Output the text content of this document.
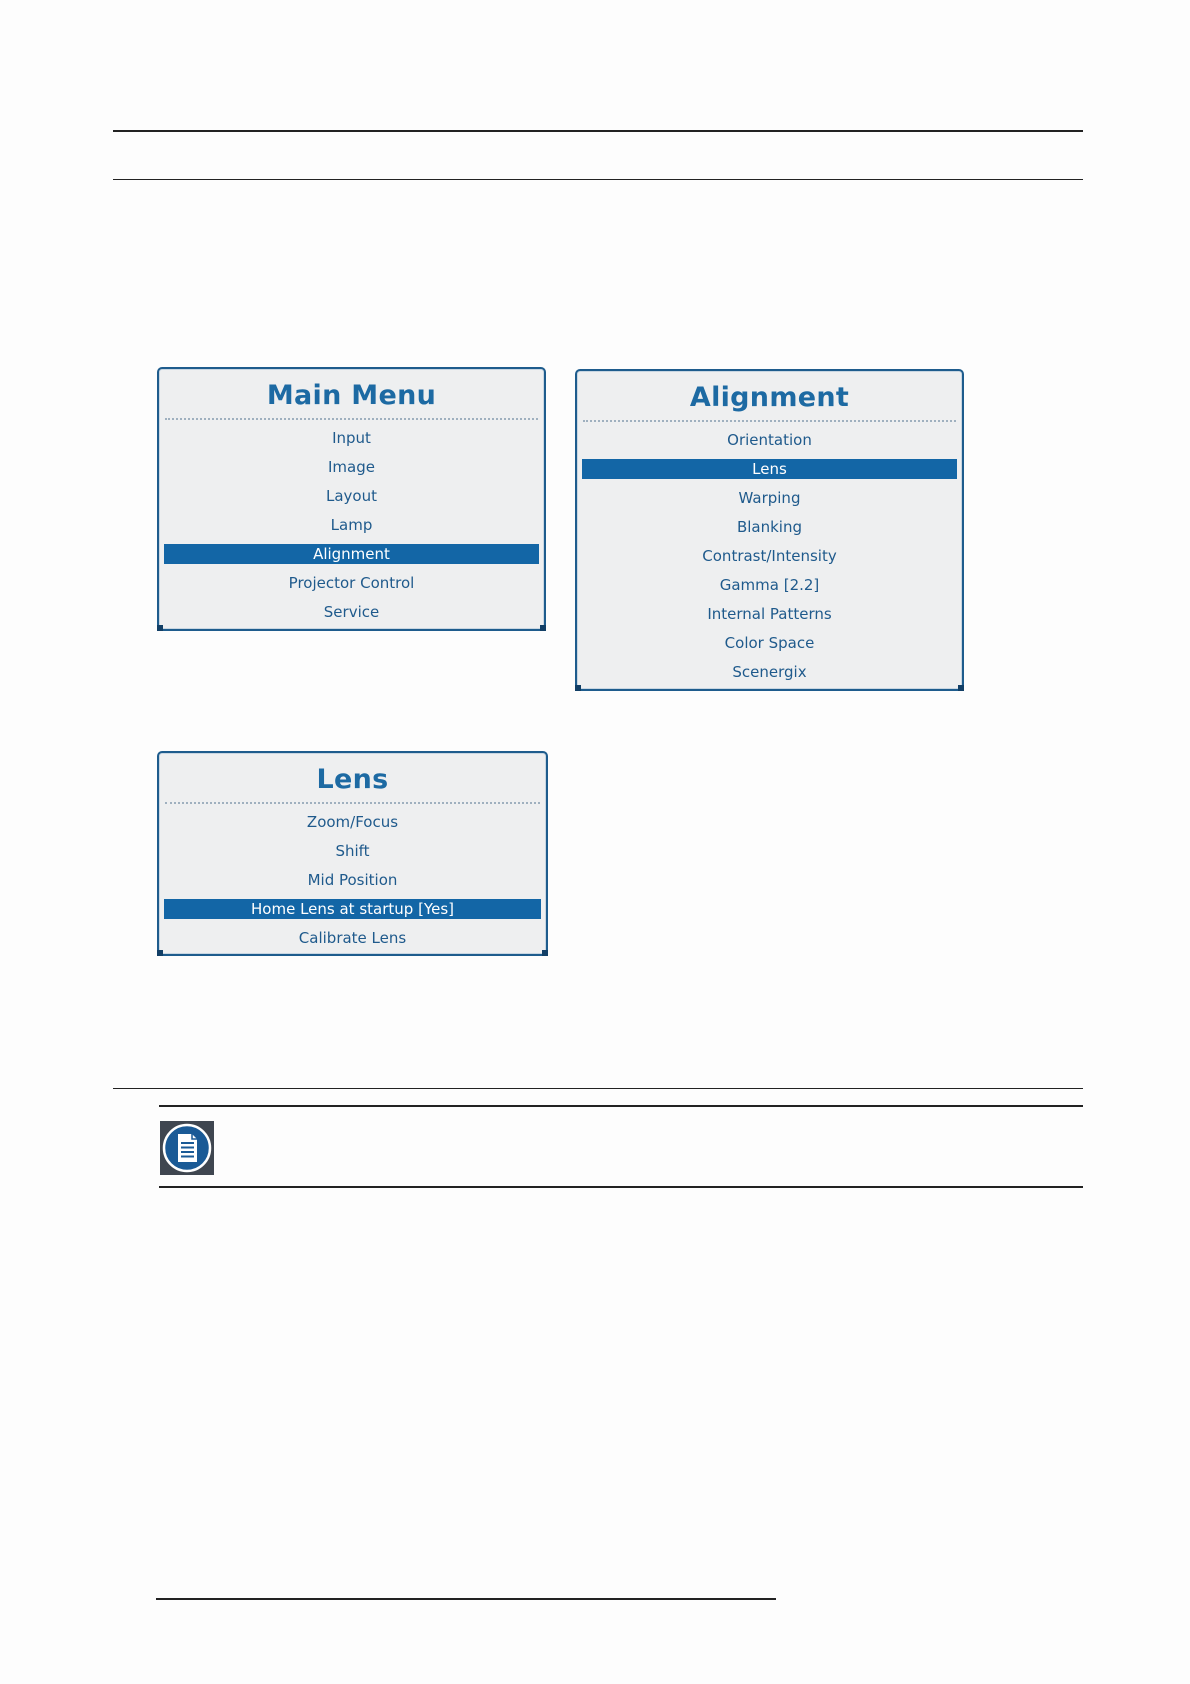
Main Menu
Input
Image
Layout
Lamp
Alignment
Projector Control
Service
Alignment
Orientation
Lens
Warping
Blanking
Contrast/Intensity
Gamma [2.2]
Internal Patterns
Color Space
Scenergix
Lens
Zoom/Focus
Shift
Mid Position
Home Lens at startup [Yes]
Calibrate Lens
